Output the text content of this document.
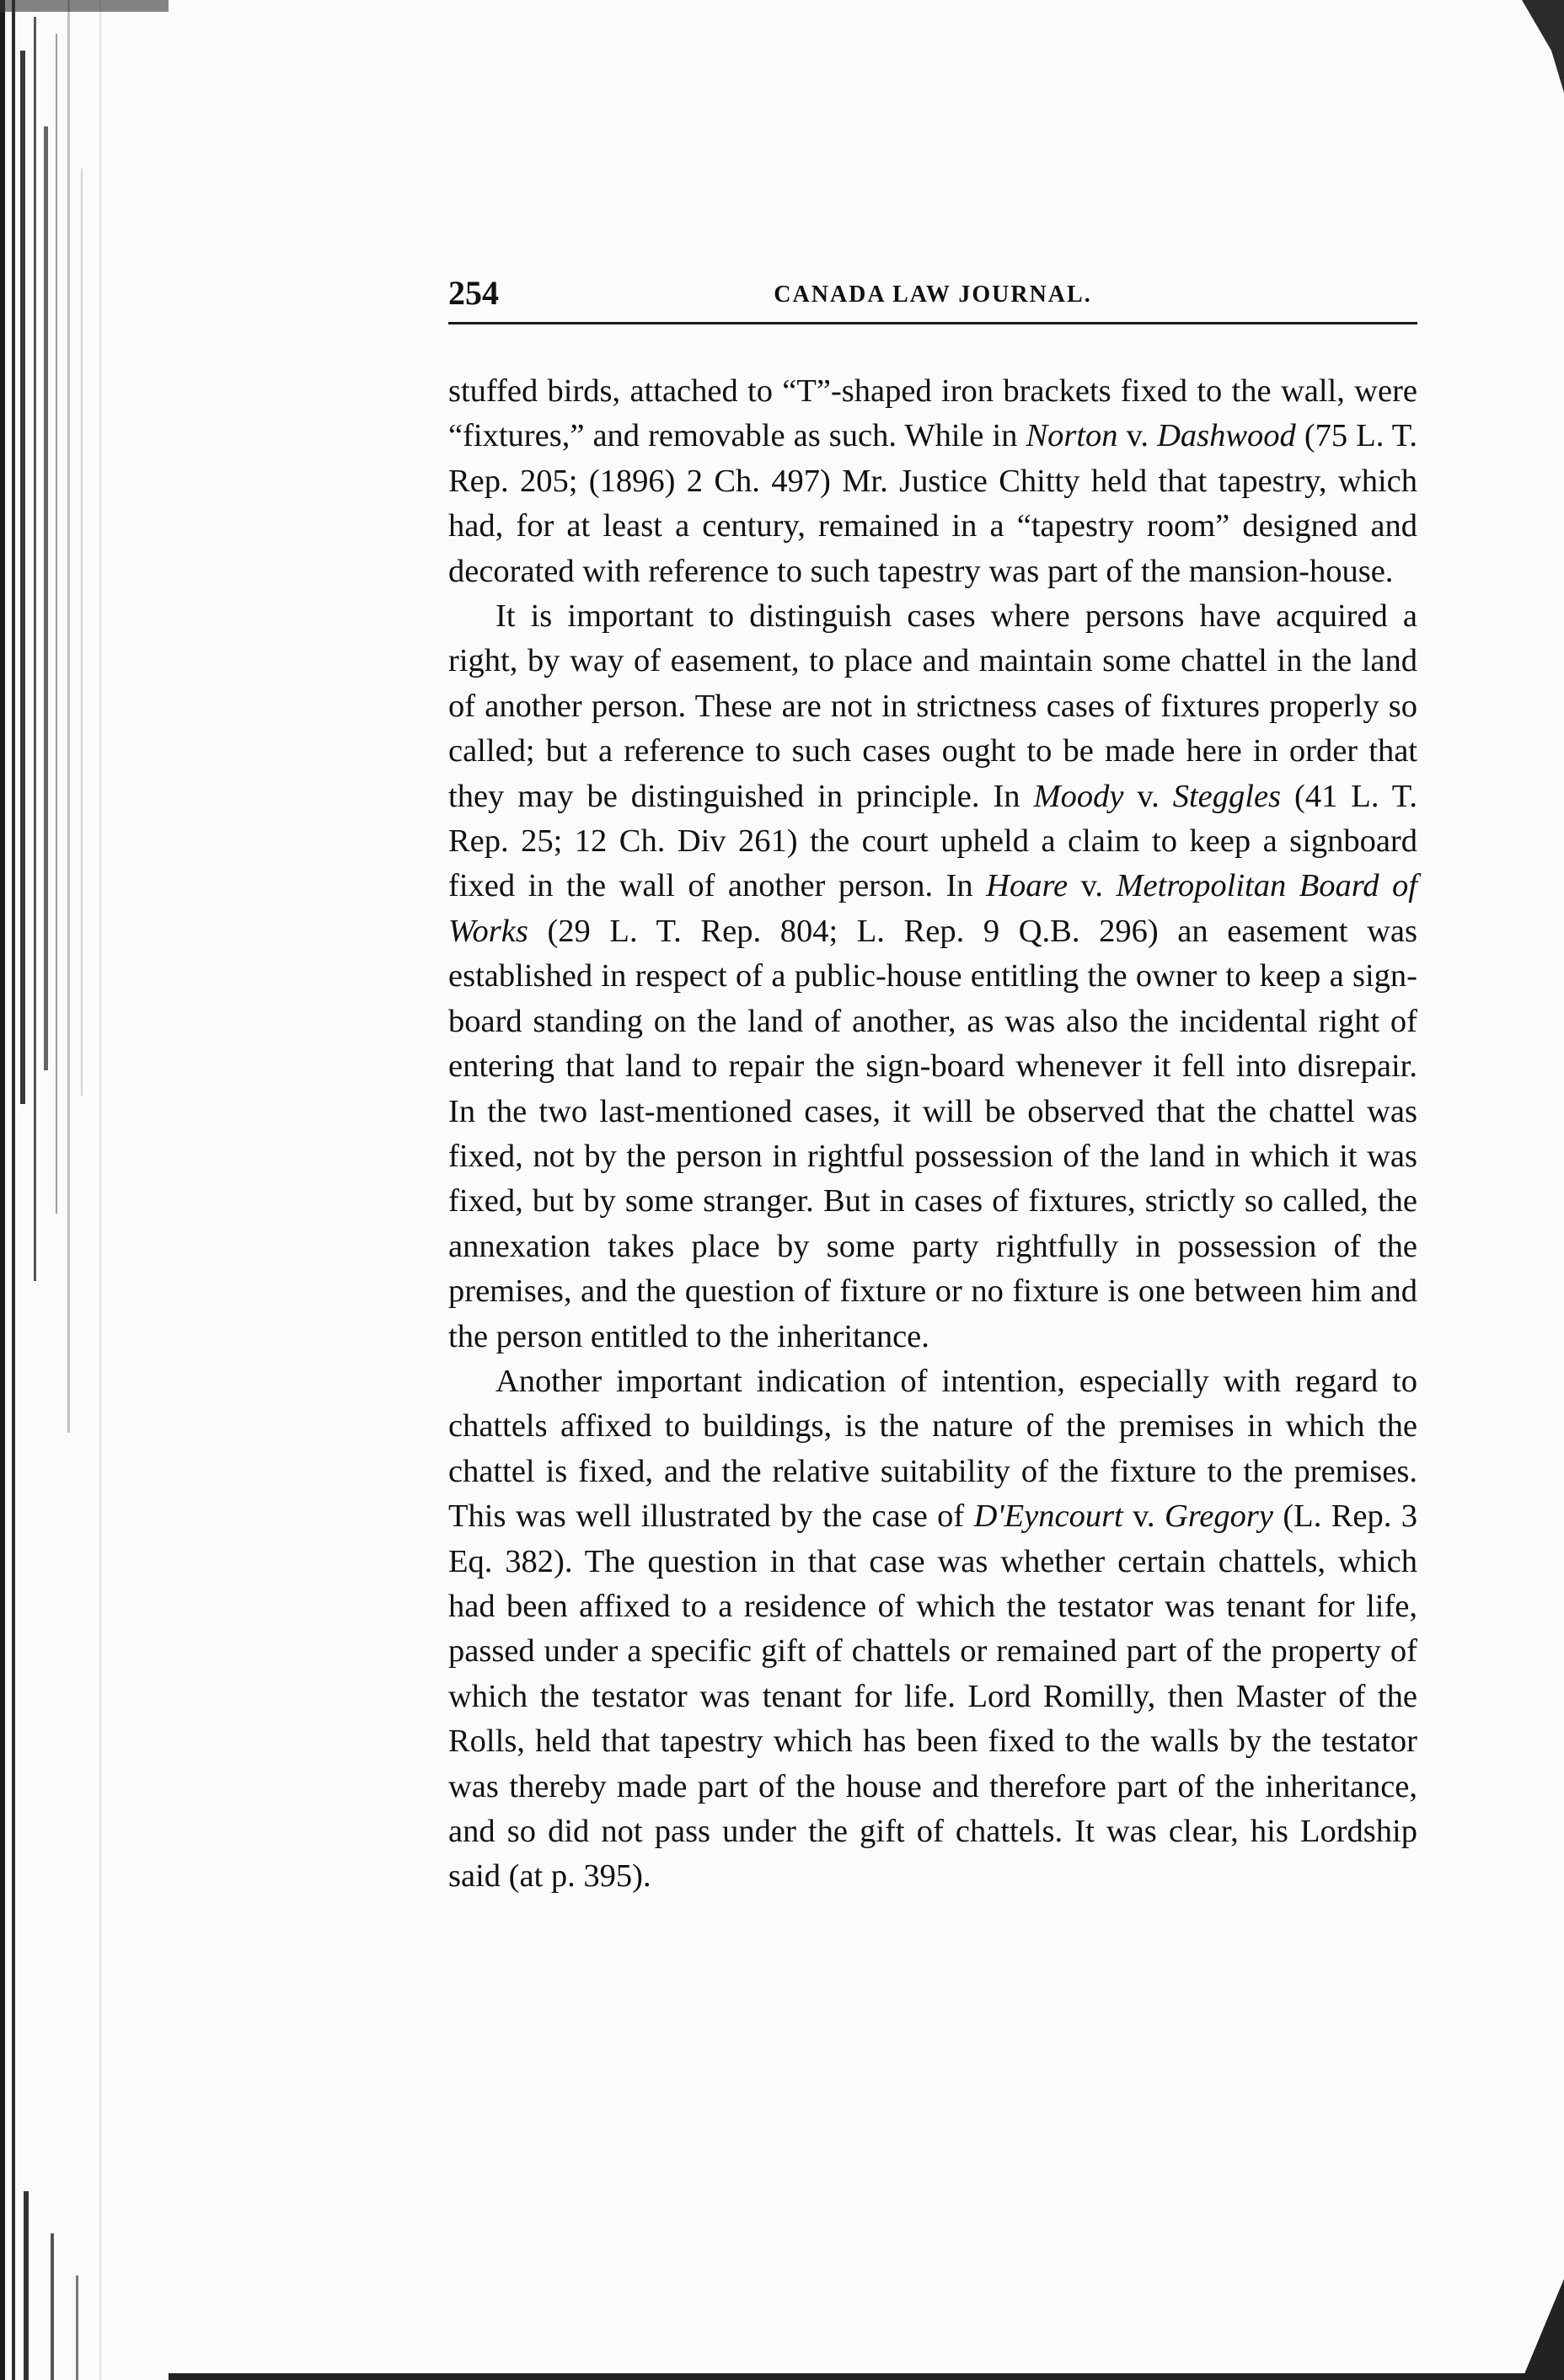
254	CANADA LAW JOURNAL.

stuffed birds, attached to “T”-shaped iron brackets fixed to the wall, were “fixtures,” and removable as such. While in Norton v. Dashwood (75 L. T. Rep. 205; (1896) 2 Ch. 497) Mr. Justice Chitty held that tapestry, which had, for at least a century, remained in a “tapestry room” designed and decorated with reference to such tapestry was part of the mansion-house.

It is important to distinguish cases where persons have acquired a right, by way of easement, to place and maintain some chattel in the land of another person. These are not in strictness cases of fixtures properly so called; but a reference to such cases ought to be made here in order that they may be distinguished in principle. In Moody v. Steggles (41 L. T. Rep. 25; 12 Ch. Div 261) the court upheld a claim to keep a signboard fixed in the wall of another person. In Hoare v. Metropolitan Board of Works (29 L. T. Rep. 804; L. Rep. 9 Q.B. 296) an easement was established in respect of a public-house entitling the owner to keep a sign-board standing on the land of another, as was also the incidental right of entering that land to repair the sign-board whenever it fell into disrepair. In the two last-mentioned cases, it will be observed that the chattel was fixed, not by the person in rightful possession of the land in which it was fixed, but by some stranger. But in cases of fixtures, strictly so called, the annexation takes place by some party rightfully in possession of the premises, and the question of fixture or no fixture is one between him and the person entitled to the inheritance.

Another important indication of intention, especially with regard to chattels affixed to buildings, is the nature of the premises in which the chattel is fixed, and the relative suitability of the fixture to the premises. This was well illustrated by the case of D'Eyncourt v. Gregory (L. Rep. 3 Eq. 382). The question in that case was whether certain chattels, which had been affixed to a residence of which the testator was tenant for life, passed under a specific gift of chattels or remained part of the property of which the testator was tenant for life. Lord Romilly, then Master of the Rolls, held that tapestry which has been fixed to the walls by the testator was thereby made part of the house and therefore part of the inheritance, and so did not pass under the gift of chattels. It was clear, his Lordship said (at p. 395).
